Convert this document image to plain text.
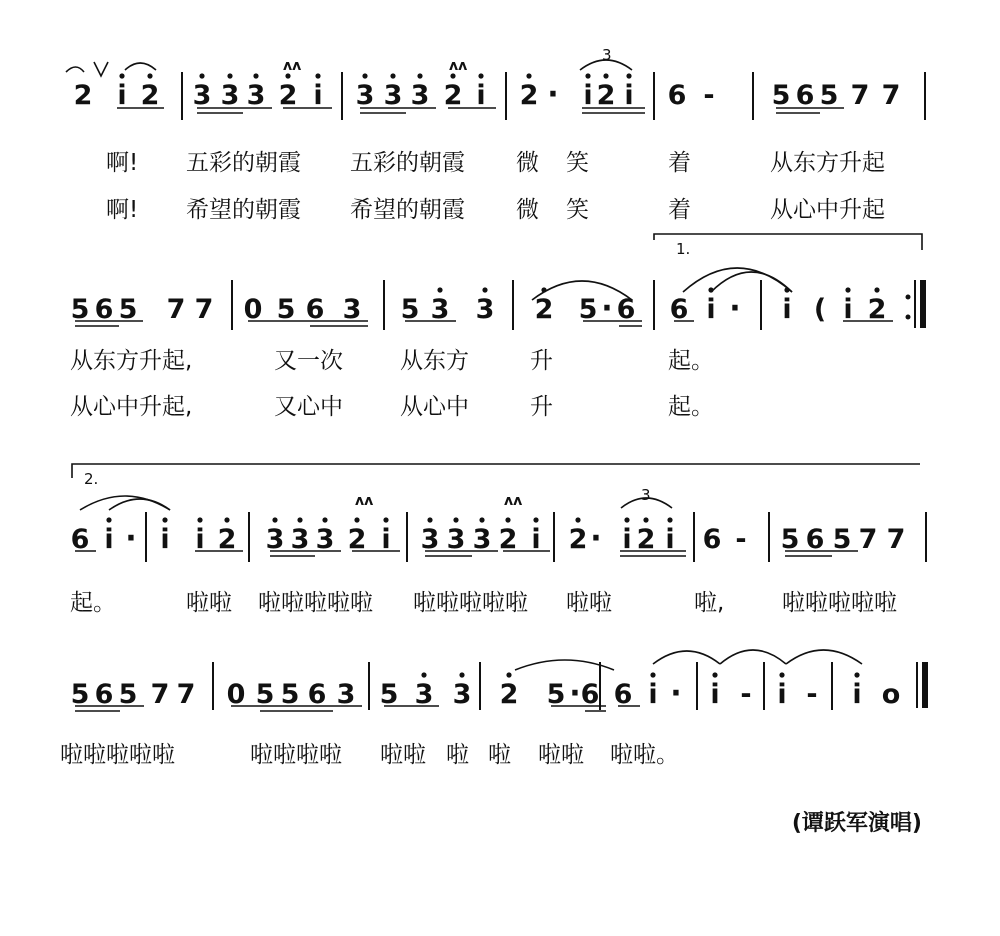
2 i 2 3 3 3 2 i 3 3 3 2 i 2 · i 2 i 6 - 5 6 5 7 7
5 6 5 7 7 0 5 6 3 5 3 3 2 5 · 6 6 i · i ( i 2
6 i · i i 2 3 3 3 2 i 3 3 3 2 i 2 · i 2 i 6 - 5 6 5 7 7
5 6 5 7 7 0 5 5 6 3 5 3 3 2 5 · 6 6 i · i - i - i o
ʌʌ	ʌʌ
ʌʌ	ʌʌ
3
3
1.
2.
啊! 五彩的朝霞 五彩的朝霞 微 笑	着	从东方升起
啊! 希望的朝霞 希望的朝霞 微 笑	着	从心中升起
从东方升起,	又一次 从东方	升	起。
从心中升起,	又心中 从心中	升	起。
起。	啦啦 啦啦啦啦啦 啦啦啦啦啦 啦啦	啦,	啦啦啦啦啦
啦啦啦啦啦	啦啦啦啦 啦啦 啦 啦 啦啦 啦啦。
(谭跃军演唱)
